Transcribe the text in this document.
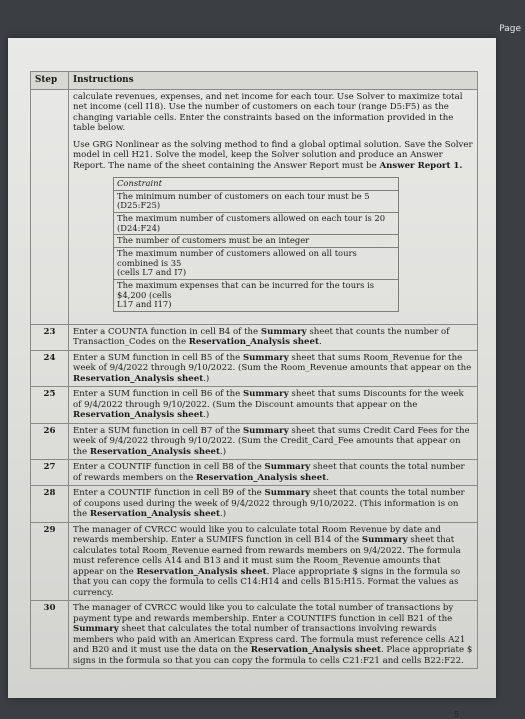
Page
Step	Instructions

calculate revenues, expenses, and net income for each tour. Use Solver to maximize total net income (cell I18). Use the number of customers on each tour (range D5:F5) as the changing variable cells. Enter the constraints based on the information provided in the table below.

Use GRG Nonlinear as the solving method to find a global optimal solution. Save the Solver model in cell H21. Solve the model, keep the Solver solution and produce an Answer Report. The name of the sheet containing the Answer Report must be Answer Report 1.

Constraint
The minimum number of customers on each tour must be 5 (D25:F25)
The maximum number of customers allowed on each tour is 20 (D24:F24)
The number of customers must be an integer
The maximum number of customers allowed on all tours combined is 35
(cells L7 and I7)
The maximum expenses that can be incurred for the tours is $4,200 (cells
L17 and I17)

23	Enter a COUNTA function in cell B4 of the Summary sheet that counts the number of Transaction_Codes on the Reservation_Analysis sheet.
24	Enter a SUM function in cell B5 of the Summary sheet that sums Room_Revenue for the week of 9/4/2022 through 9/10/2022. (Sum the Room_Revenue amounts that appear on the Reservation_Analysis sheet.)
25	Enter a SUM function in cell B6 of the Summary sheet that sums Discounts for the week of 9/4/2022 through 9/10/2022. (Sum the Discount amounts that appear on the Reservation_Analysis sheet.)
26	Enter a SUM function in cell B7 of the Summary sheet that sums Credit Card Fees for the week of 9/4/2022 through 9/10/2022. (Sum the Credit_Card_Fee amounts that appear on the Reservation_Analysis sheet.)
27	Enter a COUNTIF function in cell B8 of the Summary sheet that counts the total number of rewards members on the Reservation_Analysis sheet.
28	Enter a COUNTIF function in cell B9 of the Summary sheet that counts the total number of coupons used during the week of 9/4/2022 through 9/10/2022. (This information is on the Reservation_Analysis sheet.)
29	The manager of CVRCC would like you to calculate total Room Revenue by date and rewards membership. Enter a SUMIFS function in cell B14 of the Summary sheet that calculates total Room_Revenue earned from rewards members on 9/4/2022. The formula must reference cells A14 and B13 and it must sum the Room_Revenue amounts that appear on the Reservation_Analysis sheet. Place appropriate $ signs in the formula so that you can copy the formula to cells C14:H14 and cells B15:H15. Format the values as currency.
30	The manager of CVRCC would like you to calculate the total number of transactions by payment type and rewards membership. Enter a COUNTIFS function in cell B21 of the Summary sheet that calculates the total number of transactions involving rewards members who paid with an American Express card. The formula must reference cells A21 and B20 and it must use the data on the Reservation_Analysis sheet. Place appropriate $ signs in the formula so that you can copy the formula to cells C21:F21 and cells B22:F22.
5
